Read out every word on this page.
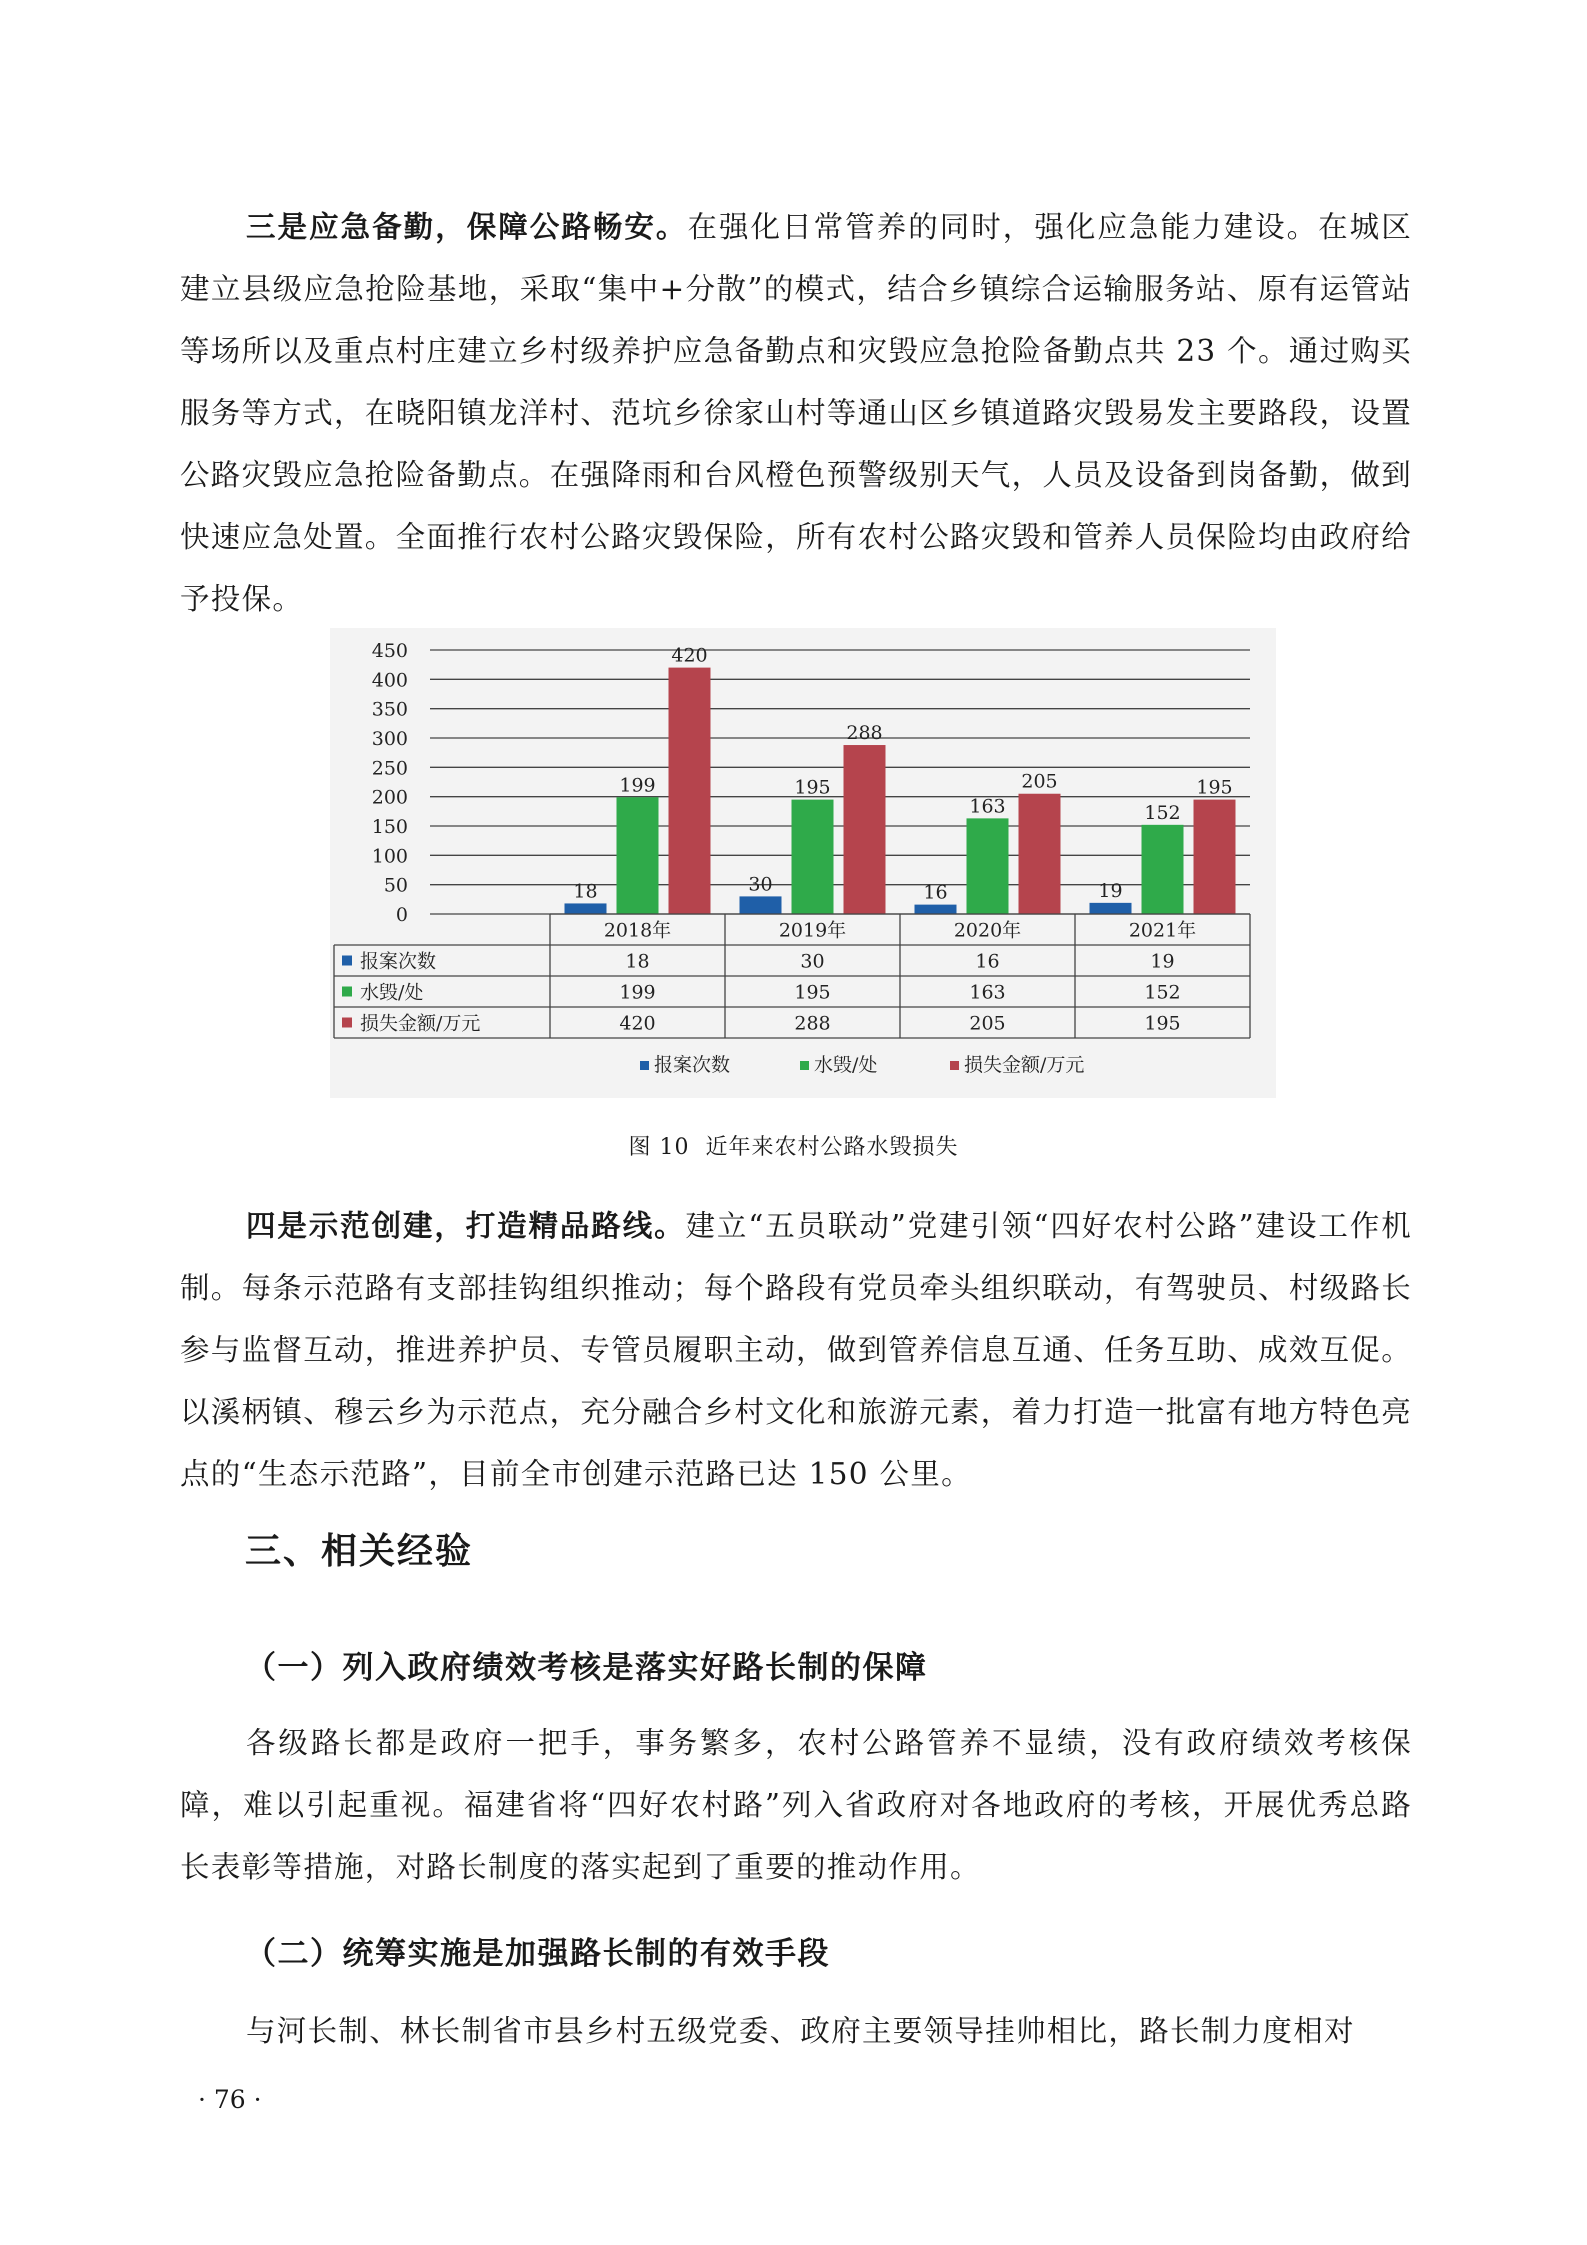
三是应急备勤，保障公路畅安。在强化日常管养的同时，强化应急能力建设。在城区建立县级应急抢险基地，采取“集中+分散”的模式，结合乡镇综合运输服务站、原有运管站等场所以及重点村庄建立乡村级养护应急备勤点和灾毁应急抢险备勤点共 23 个。通过购买服务等方式，在晓阳镇龙洋村、范坑乡徐家山村等通山区乡镇道路灾毁易发主要路段，设置公路灾毁应急抢险备勤点。在强降雨和台风橙色预警级别天气，人员及设备到岗备勤，做到快速应急处置。全面推行农村公路灾毁保险，所有农村公路灾毁和管养人员保险均由政府给予投保。

0
50
100
150
200
250
300
350
400
450
18
199
420
30
195
288
16
163
205
19
152
195
2018年	2019年	2020年	2021年
报案次数	18	30	16	19
水毁/处	199	195	163	152
损失金额/万元	420	288	205	195
报案次数	水毁/处	损失金额/万元

图 10 近年来农村公路水毁损失

四是示范创建，打造精品路线。建立“五员联动”党建引领“四好农村公路”建设工作机制。每条示范路有支部挂钩组织推动；每个路段有党员牵头组织联动，有驾驶员、村级路长参与监督互动，推进养护员、专管员履职主动，做到管养信息互通、任务互助、成效互促。以溪柄镇、穆云乡为示范点，充分融合乡村文化和旅游元素，着力打造一批富有地方特色亮点的“生态示范路”，目前全市创建示范路已达 150 公里。

三、相关经验
（一）列入政府绩效考核是落实好路长制的保障

各级路长都是政府一把手，事务繁多，农村公路管养不显绩，没有政府绩效考核保障，难以引起重视。福建省将“四好农村路”列入省政府对各地政府的考核，开展优秀总路长表彰等措施，对路长制度的落实起到了重要的推动作用。

（二）统筹实施是加强路长制的有效手段

与河长制、林长制省市县乡村五级党委、政府主要领导挂帅相比，路长制力度相对

· 76 ·
